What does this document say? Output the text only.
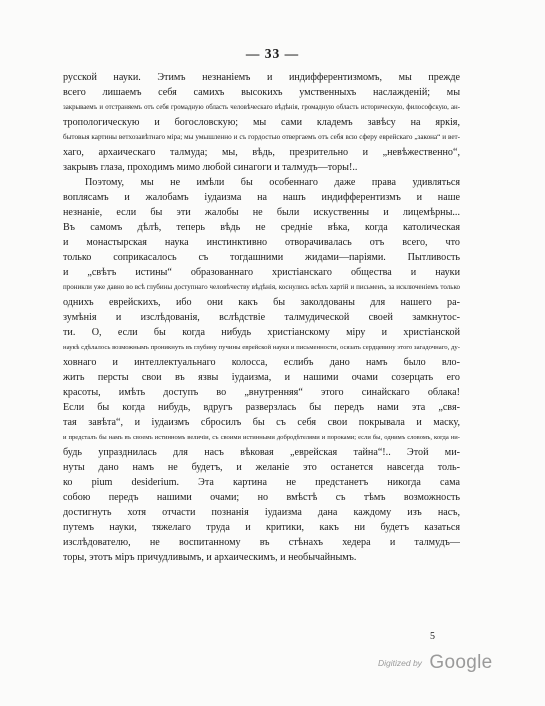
— 33 —
русской науки. Этимъ незнаніемъ и индифферентизмомъ, мы прежде
всего лишаемъ себя самихъ высокихъ умственныхъ наслажденій; мы
закрываемъ и отстраняемъ отъ себя громадную область человѣческаго вѣдѣнія, громадную область историческую, философскую, ан-
тропологическую и богословскую; мы сами кладемъ завѣсу на яркія,
бытовыя картины ветхозавѣтнаго міра; мы умышленно и съ гордостью отвергаемъ отъ себя всю сферу еврейскаго „закона“ и вет-
хаго, архаическаго талмуда; мы, вѣдь, презрительно и „невѣжественно“,
закрывъ глаза, проходимъ мимо любой синагоги и талмудъ—торы!..
Поэтому, мы не имѣли бы особеннаго даже права удивляться
воплясамъ и жалобамъ іудаизма на нашъ индифферентизмъ и нашe
незнаніе, если бы эти жалобы не были искуственны и лицемѣрны...
Въ самомъ дѣлѣ, теперь вѣдь не средніе вѣка, когда католическая
и монастырская наука инстинктивно отворачивалась отъ всего, что
только соприкасалось съ тогдашними жидами—паріями. Пытливость
и „свѣтъ истины“ образованнаго христіанскаго общества и науки
проникли уже давно во всѣ глубины доступнаго человѣчеству вѣдѣнія, коснулись всѣхъ хартій и письменъ, за исключеніемъ только
однихъ еврейскихъ, ибо они какъ бы заколдованы для нашего ра-
зумѣнія и изслѣдованія, вслѣдствіе талмудической своей замкнутос-
ти. О, если бы когда нибудь христіанскому міру и христіанской
наукѣ сдѣлалось возможнымъ проникнуть въ глубину пучины еврейской науки и письменности, осязать сердцевину этого загадочнаго, ду-
ховнаго и интеллектуальнаго колосса, еслибъ дано намъ было вло-
жить персты свои въ язвы іудаизма, и нашими очами созерцать его
красоты, имѣть доступъ во „внутренняя“ этого синайскаго облака!
Если бы когда нибудь, вдругъ разверзлась бы передъ нами эта „свя-
тая завѣта“, и іудаизмъ сбросилъ бы съ себя свои покрывала и маску,
и предсталъ бы намъ въ своемъ истинномъ величіи, съ своими истинными добродѣтелями и пороками; если бы, однимъ словомъ, когда ни-
будь упразднилась для насъ вѣковая „еврейская тайна“!.. Этой ми-
нуты дано намъ не будетъ, и желаніе это останется навсегда толь-
ко pium desiderium. Эта картина не предстанетъ никогда сама
собою передъ нашими очами; но вмѣстѣ съ тѣмъ возможность
достигнуть хотя отчасти познанія іудаизма дана каждому изъ насъ,
путемъ науки, тяжелаго труда и критики, какъ ни будетъ казаться
изслѣдователю, не воспитанному въ стѣнахъ хедера и талмудъ—
торы, этотъ міръ причудливымъ, и архаическимъ, и необычайнымъ.
5
Digitized by Google
